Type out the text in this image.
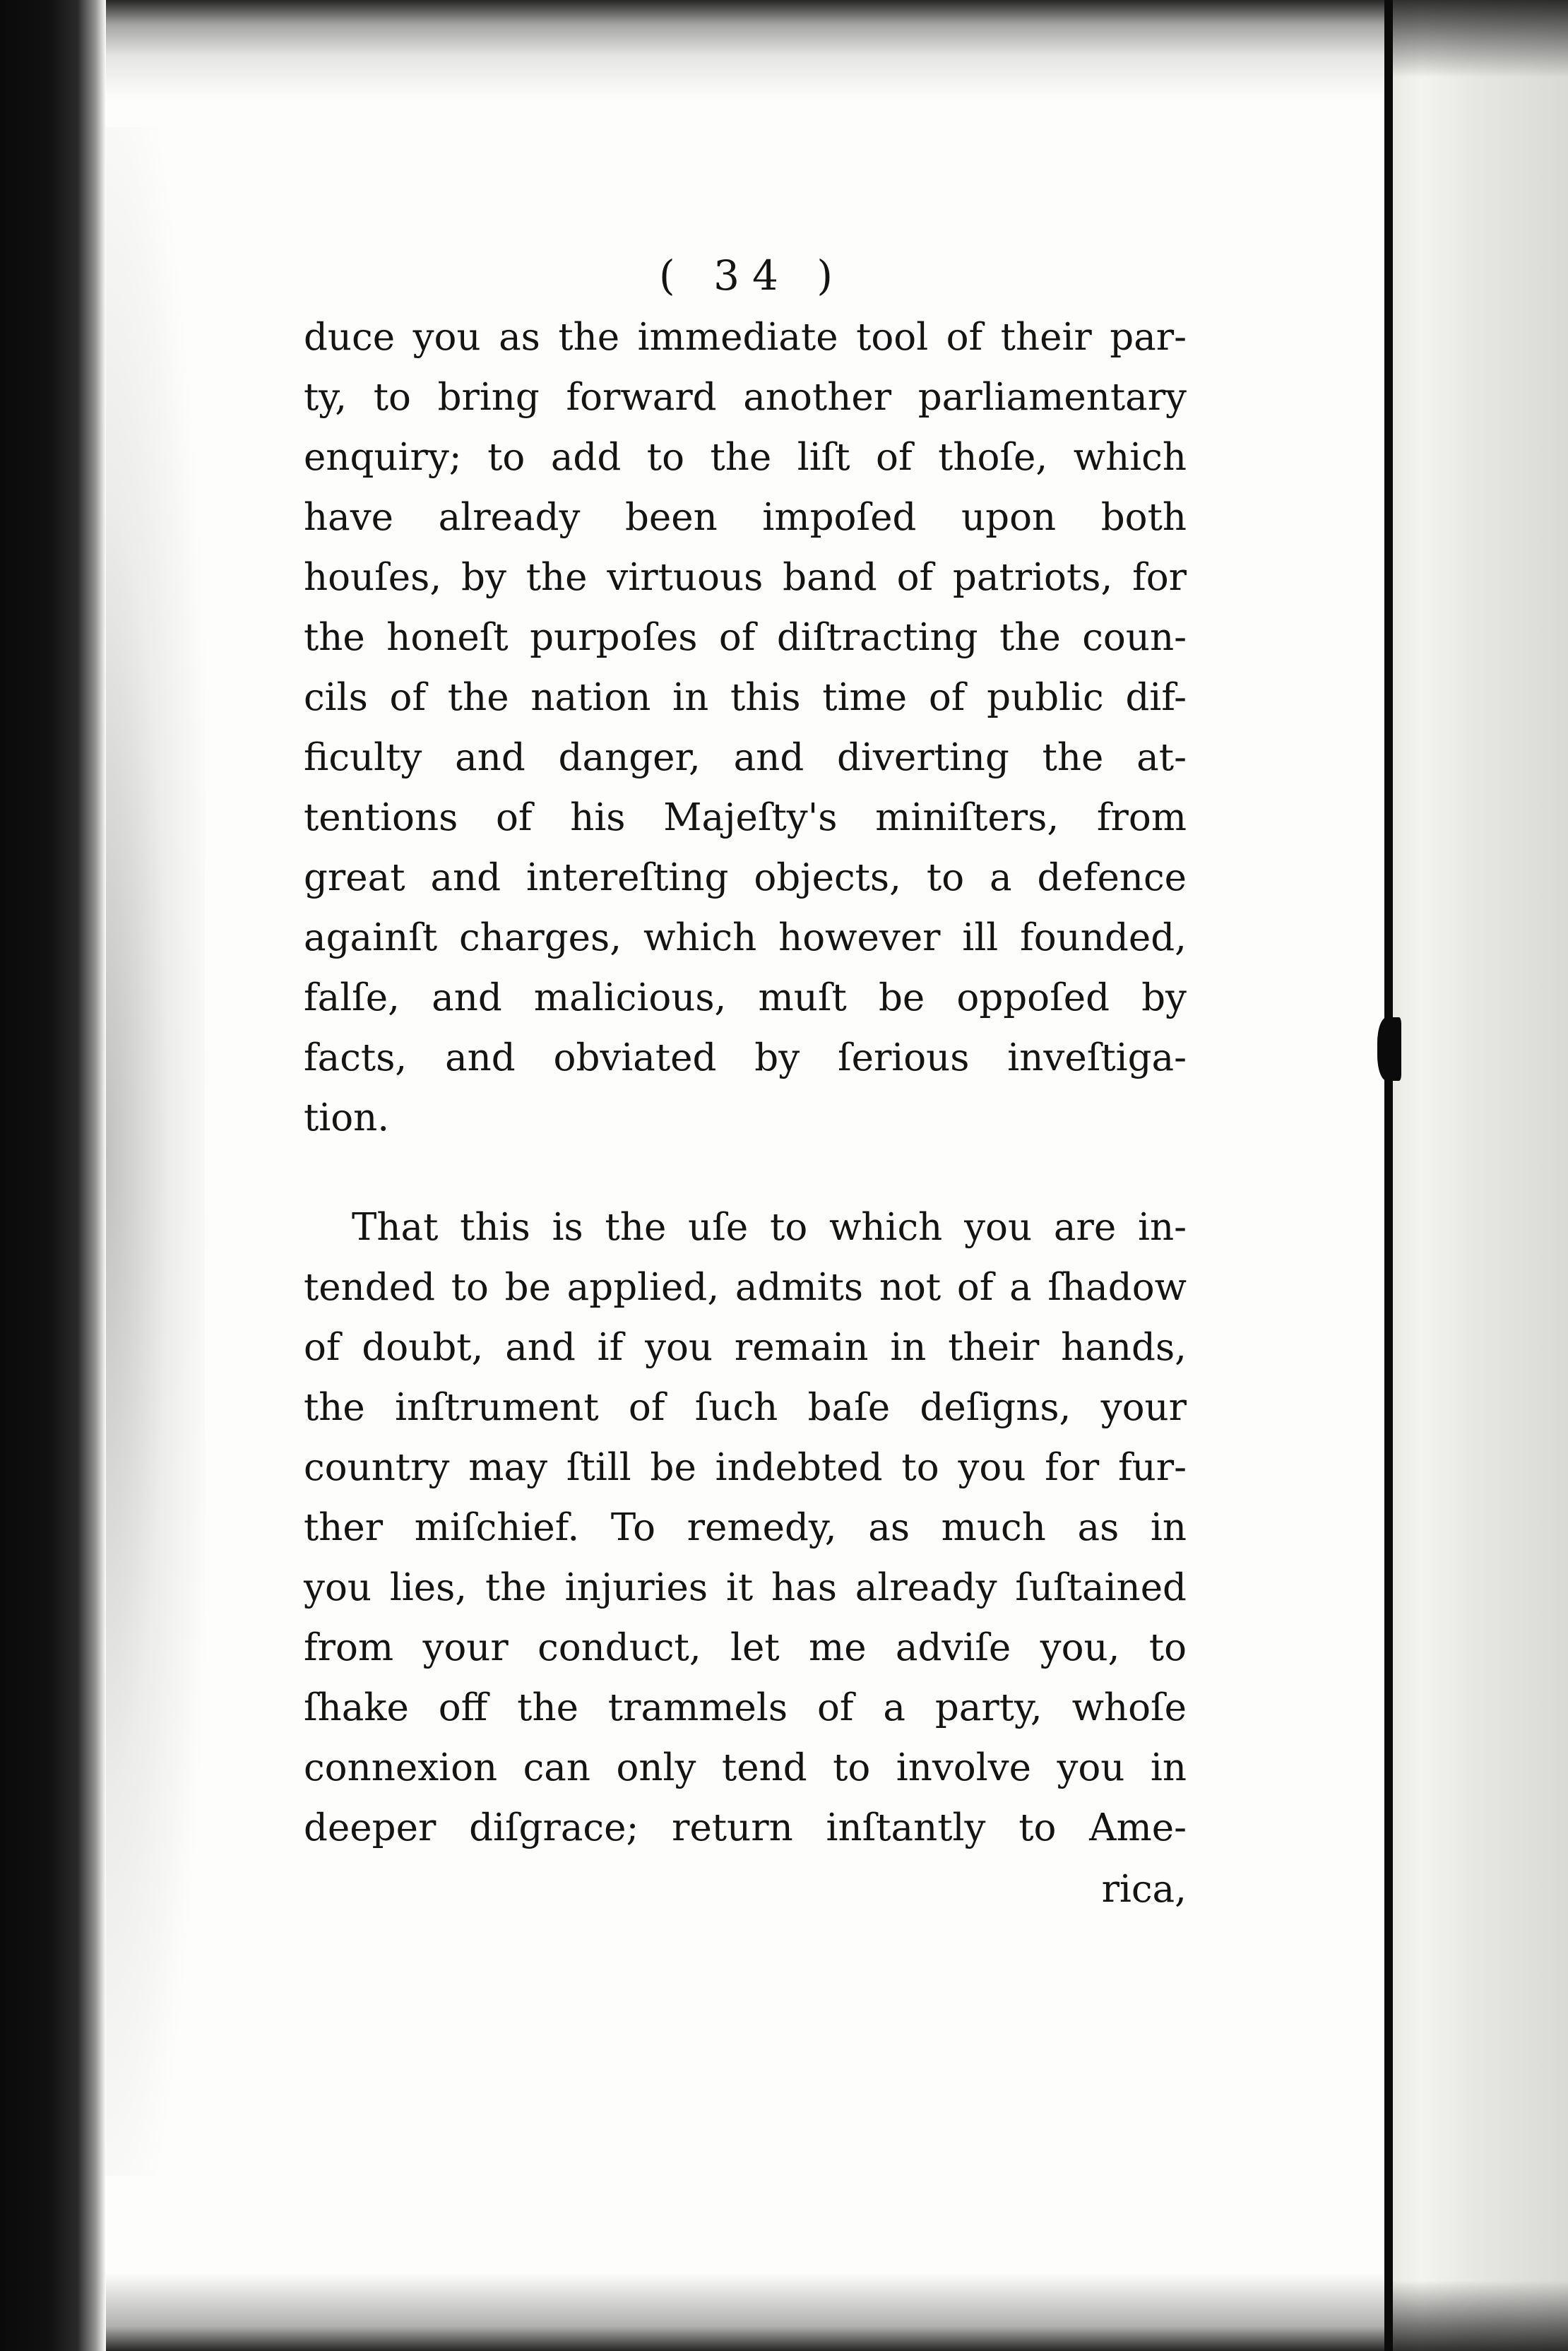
( 34 )
duce you as the immediate tool of their par-
ty, to bring forward another parliamentary
enquiry; to add to the liſt of thoſe, which
have already been impoſed upon both
houſes, by the virtuous band of patriots, for
the honeſt purpoſes of diſtracting the coun-
cils of the nation in this time of public dif-
ficulty and danger, and diverting the at-
tentions of his Majeſty's miniſters, from
great and intereſting objects, to a defence
againſt charges, which however ill founded,
falſe, and malicious, muſt be oppoſed by
facts, and obviated by ſerious inveſtiga-
tion.
That this is the uſe to which you are in-
tended to be applied, admits not of a ſhadow
of doubt, and if you remain in their hands,
the inſtrument of ſuch baſe deſigns, your
country may ſtill be indebted to you for fur-
ther miſchief. To remedy, as much as in
you lies, the injuries it has already ſuſtained
from your conduct, let me adviſe you, to
ſhake off the trammels of a party, whoſe
connexion can only tend to involve you in
deeper diſgrace; return inſtantly to Ame-
rica,
